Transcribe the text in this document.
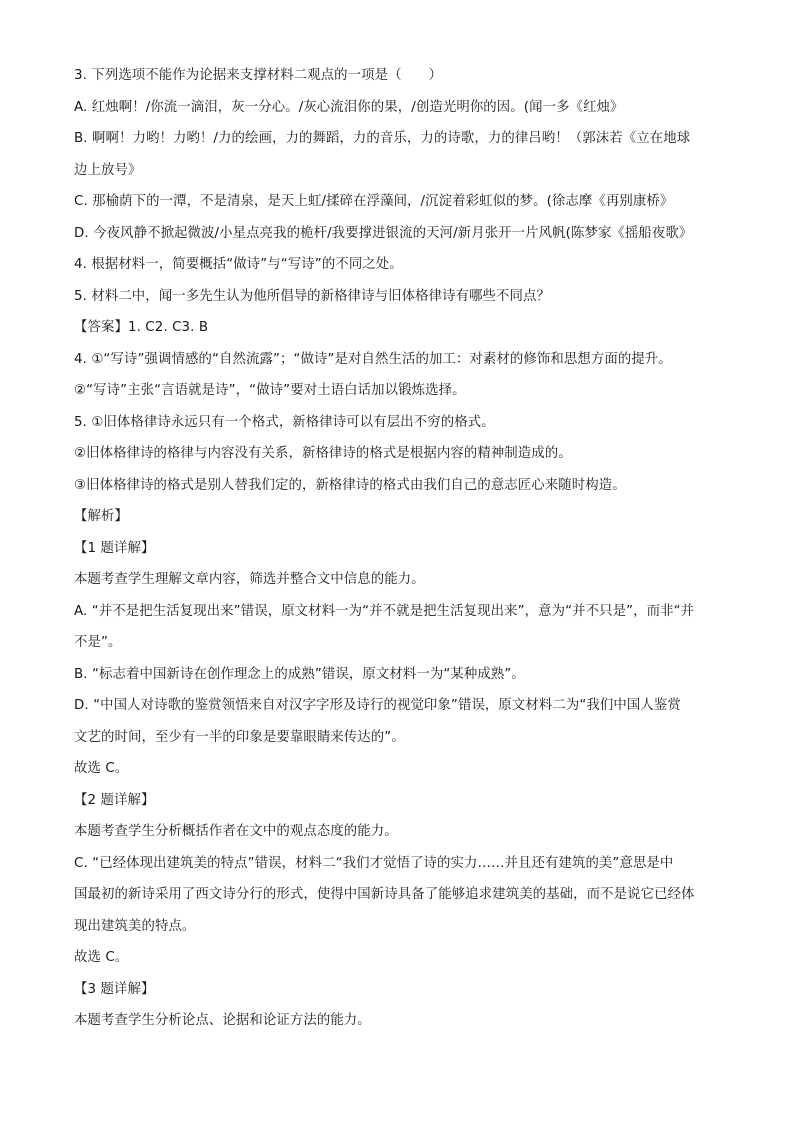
3. 下列选项不能作为论据来支撑材料二观点的一项是（　　）
A. 红烛啊！/你流一滴泪，灰一分心。/灰心流泪你的果，/创造光明你的因。(闻一多《红烛》
B. 啊啊！力哟！力哟！/力的绘画，力的舞蹈，力的音乐，力的诗歌，力的律吕哟！（郭沫若《立在地球
边上放号》
C. 那榆荫下的一潭，不是清泉，是天上虹/揉碎在浮藻间，/沉淀着彩虹似的梦。(徐志摩《再别康桥》
D. 今夜风静不掀起微波/小星点亮我的桅杆/我要撑进银流的天河/新月张开一片风帆(陈梦家《摇船夜歌》
4. 根据材料一，简要概括“做诗”与“写诗”的不同之处。
5. 材料二中，闻一多先生认为他所倡导的新格律诗与旧体格律诗有哪些不同点？
【答案】1. C2. C3. B
4. ①“写诗”强调情感的“自然流露”；“做诗”是对自然生活的加工：对素材的修饰和思想方面的提升。
②“写诗”主张“言语就是诗”，“做诗”要对土语白话加以锻炼选择。
5. ①旧体格律诗永远只有一个格式，新格律诗可以有层出不穷的格式。
②旧体格律诗的格律与内容没有关系，新格律诗的格式是根据内容的精神制造成的。
③旧体格律诗的格式是别人替我们定的，新格律诗的格式由我们自己的意志匠心来随时构造。
【解析】
【1 题详解】
本题考查学生理解文章内容，筛选并整合文中信息的能力。
A. “并不是把生活复现出来”错误，原文材料一为“并不就是把生活复现出来”，意为“并不只是”，而非“并
不是”。
B. “标志着中国新诗在创作理念上的成熟”错误，原文材料一为“某种成熟”。
D. “中国人对诗歌的鉴赏领悟来自对汉字字形及诗行的视觉印象”错误，原文材料二为“我们中国人鉴赏
文艺的时间，至少有一半的印象是要靠眼睛来传达的”。
故选 C。
【2 题详解】
本题考查学生分析概括作者在文中的观点态度的能力。
C. “已经体现出建筑美的特点”错误，材料二“我们才觉悟了诗的实力……并且还有建筑的美”意思是中
国最初的新诗采用了西文诗分行的形式，使得中国新诗具备了能够追求建筑美的基础，而不是说它已经体
现出建筑美的特点。
故选 C。
【3 题详解】
本题考查学生分析论点、论据和论证方法的能力。
